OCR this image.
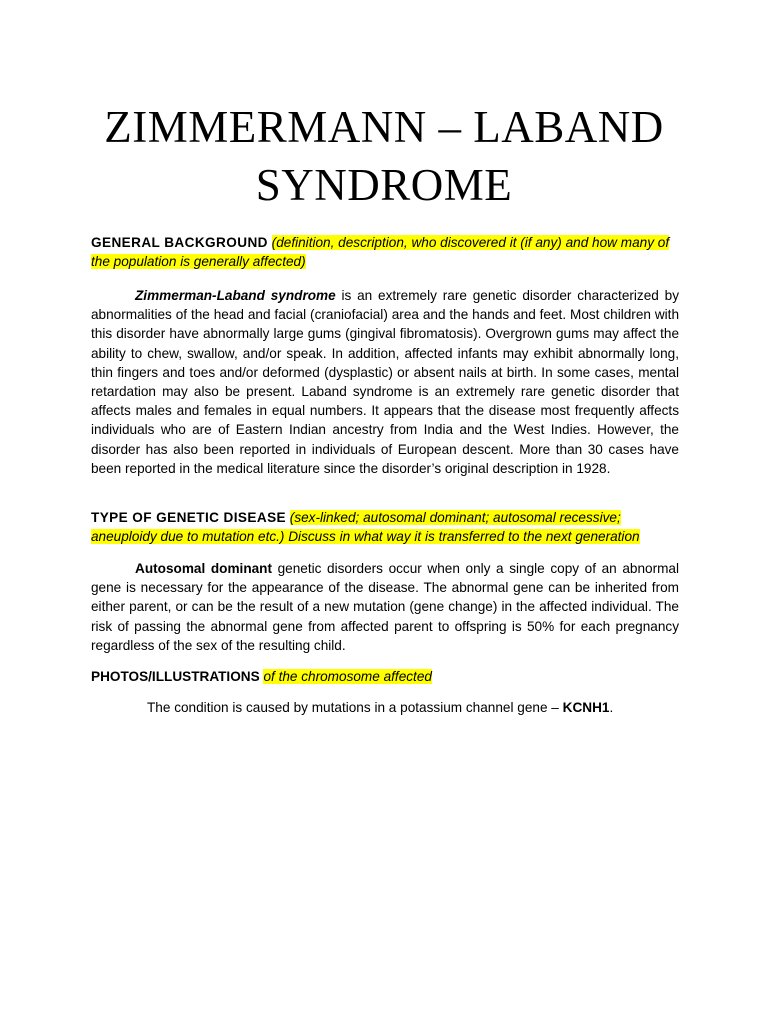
ZIMMERMANN – LABAND
SYNDROME

GENERAL BACKGROUND (definition, description, who discovered it (if any) and how many of the population is generally affected)

Zimmerman-Laband syndrome is an extremely rare genetic disorder characterized by abnormalities of the head and facial (craniofacial) area and the hands and feet. Most children with this disorder have abnormally large gums (gingival fibromatosis). Overgrown gums may affect the ability to chew, swallow, and/or speak. In addition, affected infants may exhibit abnormally long, thin fingers and toes and/or deformed (dysplastic) or absent nails at birth. In some cases, mental retardation may also be present. Laband syndrome is an extremely rare genetic disorder that affects males and females in equal numbers. It appears that the disease most frequently affects individuals who are of Eastern Indian ancestry from India and the West Indies. However, the disorder has also been reported in individuals of European descent. More than 30 cases have been reported in the medical literature since the disorder’s original description in 1928.

TYPE OF GENETIC DISEASE (sex-linked; autosomal dominant; autosomal recessive; aneuploidy due to mutation etc.) Discuss in what way it is transferred to the next generation

Autosomal dominant genetic disorders occur when only a single copy of an abnormal gene is necessary for the appearance of the disease. The abnormal gene can be inherited from either parent, or can be the result of a new mutation (gene change) in the affected individual. The risk of passing the abnormal gene from affected parent to offspring is 50% for each pregnancy regardless of the sex of the resulting child.

PHOTOS/ILLUSTRATIONS of the chromosome affected

The condition is caused by mutations in a potassium channel gene – KCNH1.
